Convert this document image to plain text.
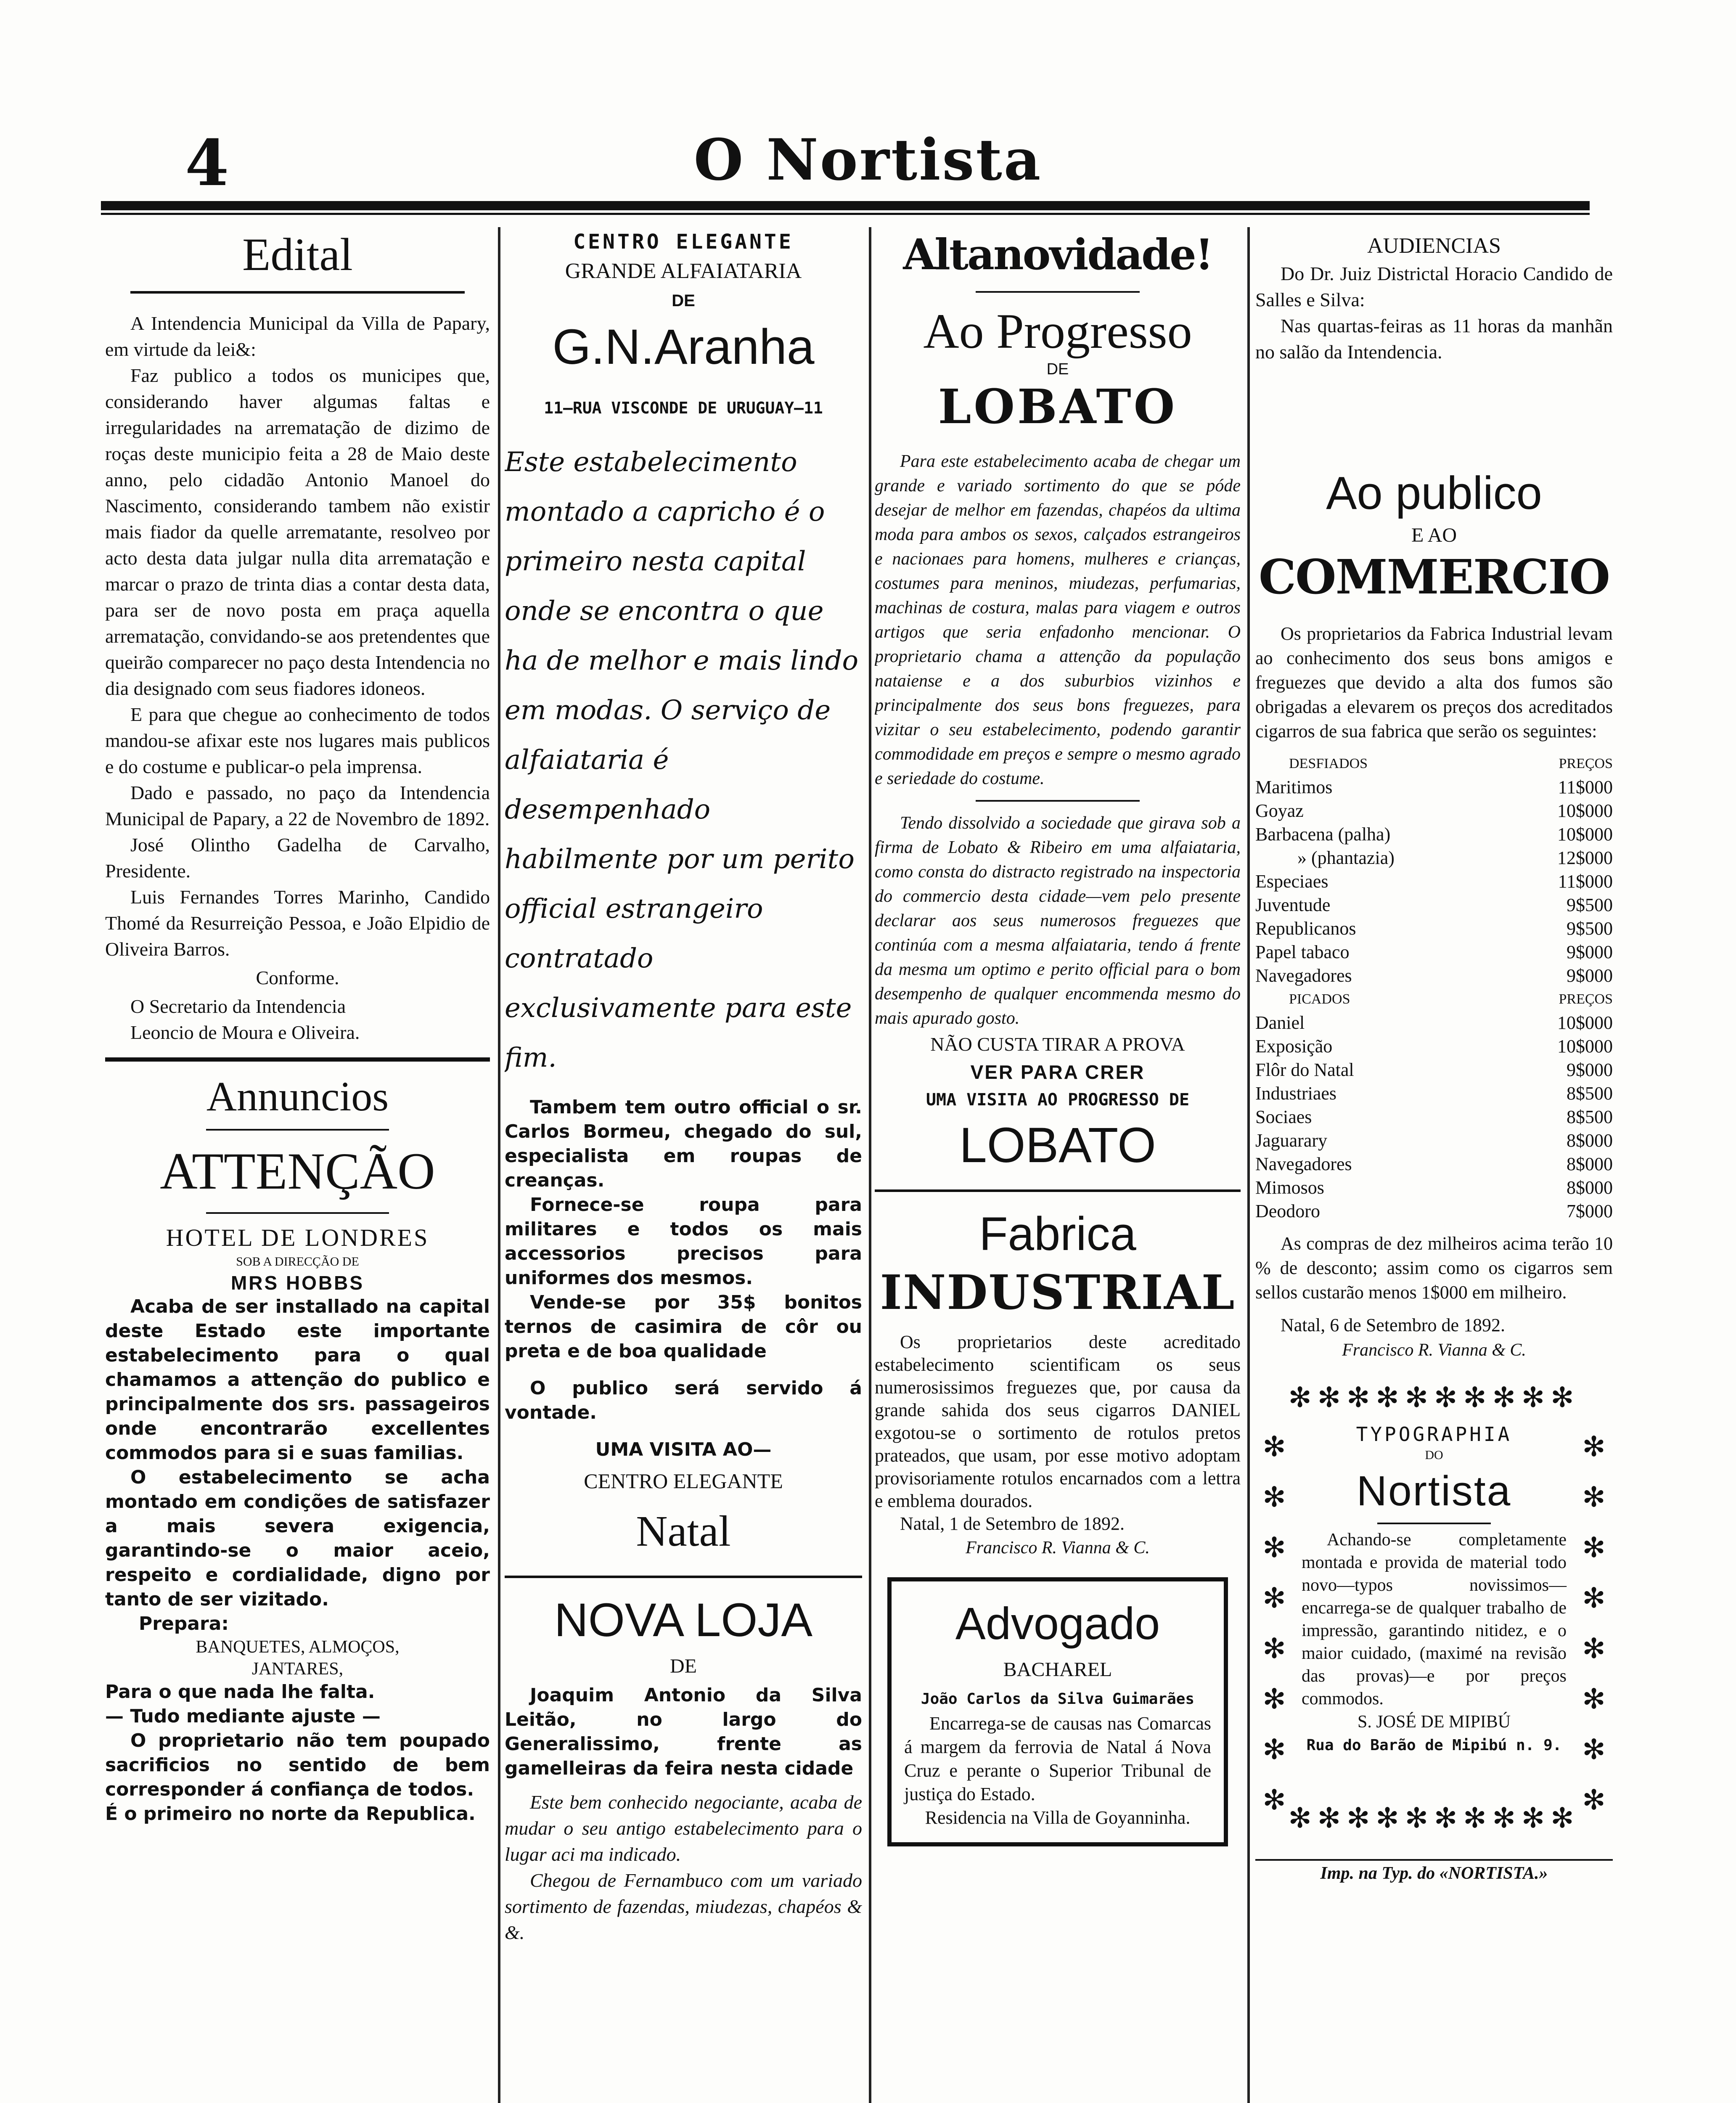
4	O Nortista
Edital

A Intendencia Municipal da Villa de Papary, em virtude da lei&:

Faz publico a todos os municipes que, considerando haver algumas faltas e irregularidades na arrematação de dizimo de roças deste municipio feita a 28 de Maio deste anno, pelo cidadão Antonio Manoel do Nascimento, considerando tambem não existir mais fiador da quelle arrematante, resolveo por acto desta data julgar nulla dita arrematação e marcar o prazo de trinta dias a contar desta data, para ser de novo posta em praça aquella arrematação, convidando-se aos pretendentes que queirão comparecer no paço desta Intendencia no dia designado com seus fiadores idoneos.

E para que chegue ao conhecimento de todos mandou-se afixar este nos lugares mais publicos e do costume e publicar-o pela imprensa.

Dado e passado, no paço da Intendencia Municipal de Papary, a 22 de Novembro de 1892.

José Olintho Gadelha de Carvalho, Presidente.

Luis Fernandes Torres Marinho, Candido Thomé da Resurreição Pessoa, e João Elpidio de Oliveira Barros.

Conforme.

O Secretario da Intendencia

Leoncio de Moura e Oliveira.

Annuncios
ATTENÇÃO
HOTEL DE LONDRES
SOB A DIRECÇÃO DE
MRS HOBBS
Acaba de ser installado na capital deste Estado este importante estabelecimento para o qual chamamos a attenção do publico e principalmente dos srs. passageiros onde encontrarão excellentes commodos para si e suas familias.
O estabelecimento se acha montado em condições de satisfazer a mais severa exigencia, garantindo-se o maior aceio, respeito e cordialidade, digno por tanto de ser vizitado.
Prepara:
BANQUETES, ALMOÇOS, JANTARES,
Para o que nada lhe falta.
— Tudo mediante ajuste —
O proprietario não tem poupado sacrificios no sentido de bem corresponder á confiança de todos.
É o primeiro no norte da Republica.
CENTRO ELEGANTE
GRANDE ALFAIATARIA
DE
G.N.Aranha
11—RUA VISCONDE DE URUGUAY—11
Este estabelecimento montado a capricho é o primeiro nesta capital onde se encontra o que ha de melhor e mais lindo em modas. O serviço de alfaiataria é desempenhado habilmente por um perito official estrangeiro contratado exclusivamente para este fim.
Tambem tem outro official o sr. Carlos Bormeu, chegado do sul, especialista em roupas de creanças.
Fornece-se roupa para militares e todos os mais accessorios precisos para uniformes dos mesmos.
Vende-se por 35$ bonitos ternos de casimira de côr ou preta e de boa qualidade
O publico será servido á vontade.
UMA VISITA AO—
CENTRO ELEGANTE
Natal
NOVA LOJA
DE
Joaquim Antonio da Silva Leitão, no largo do Generalissimo, frente as gamelleiras da feira nesta cidade
Este bem conhecido negociante, acaba de mudar o seu antigo estabelecimento para o lugar aci ma indicado.
Chegou de Fernambuco com um variado sortimento de fazendas, miudezas, chapéos & &.
Altanovidade!
Ao Progresso
DE
LOBATO
Para este estabelecimento acaba de chegar um grande e variado sortimento do que se póde desejar de melhor em fazendas, chapéos da ultima moda para ambos os sexos, calçados estrangeiros e nacionaes para homens, mulheres e crianças, costumes para meninos, miudezas, perfumarias, machinas de costura, malas para viagem e outros artigos que seria enfadonho mencionar. O proprietario chama a attenção da população nataiense e a dos suburbios vizinhos e principalmente dos seus bons freguezes, para vizitar o seu estabelecimento, podendo garantir commodidade em preços e sempre o mesmo agrado e seriedade do costume.
Tendo dissolvido a sociedade que girava sob a firma de Lobato & Ribeiro em uma alfaiataria, como consta do distracto registrado na inspectoria do commercio desta cidade—vem pelo presente declarar aos seus numerosos freguezes que continúa com a mesma alfaiataria, tendo á frente da mesma um optimo e perito official para o bom desempenho de qualquer encommenda mesmo do mais apurado gosto.
NÃO CUSTA TIRAR A PROVA
VER PARA CRER
UMA VISITA AO PROGRESSO DE
LOBATO
Fabrica
INDUSTRIAL
Os proprietarios deste acreditado estabelecimento scientificam os seus numerosissimos freguezes que, por causa da grande sahida dos seus cigarros DANIEL exgotou-se o sortimento de rotulos pretos prateados, que usam, por esse motivo adoptam provisoriamente rotulos encarnados com a lettra e emblema dourados.
Natal, 1 de Setembro de 1892.
Francisco R. Vianna & C.
Advogado
BACHAREL
João Carlos da Silva Guimarães
Encarrega-se de causas nas Comarcas á margem da ferrovia de Natal á Nova Cruz e perante o Superior Tribunal de justiça do Estado.
Residencia na Villa de Goyanninha.
AUDIENCIAS
Do Dr. Juiz Districtal Horacio Candido de Salles e Silva:
Nas quartas-feiras as 11 horas da manhãn no salão da Intendencia.
Ao publico
E AO
COMMERCIO
Os proprietarios da Fabrica Industrial levam ao conhecimento dos seus bons amigos e freguezes que devido a alta dos fumos são obrigadas a elevarem os preços dos acreditados cigarros de sua fabrica que serão os seguintes:
DESFIADOS	PREÇOS
Maritimos	11$000
Goyaz	10$000
Barbacena (palha)	10$000
» (phantazia)	12$000
Especiaes	11$000
Juventude	9$500
Republicanos	9$500
Papel tabaco	9$000
Navegadores	9$000
PICADOS	PREÇOS
Daniel	10$000
Exposição	10$000
Flôr do Natal	9$000
Industriaes	8$500
Sociaes	8$500
Jaguarary	8$000
Navegadores	8$000
Mimosos	8$000
Deodoro	7$000
As compras de dez milheiros acima terão 10 % de desconto; assim como os cigarros sem sellos custarão menos 1$000 em milheiro.
Natal, 6 de Setembro de 1892.
Francisco R. Vianna & C.
✻✻✻✻✻✻✻✻✻✻
✻✻✻✻✻✻✻✻✻✻
✻
✻
✻
✻
✻
✻
✻
✻
✻
✻
✻
✻
✻
✻
✻
✻
TYPOGRAPHIA
DO
Nortista
Achando-se completamente montada e provida de material todo novo—typos novissimos—encarrega-se de qualquer trabalho de impressão, garantindo nitidez, e o maior cuidado, (maximé na revisão das provas)—e por preços commodos.
S. JOSÉ DE MIPIBÚ
Rua do Barão de Mipibú n. 9.
Imp. na Typ. do «NORTISTA.»
